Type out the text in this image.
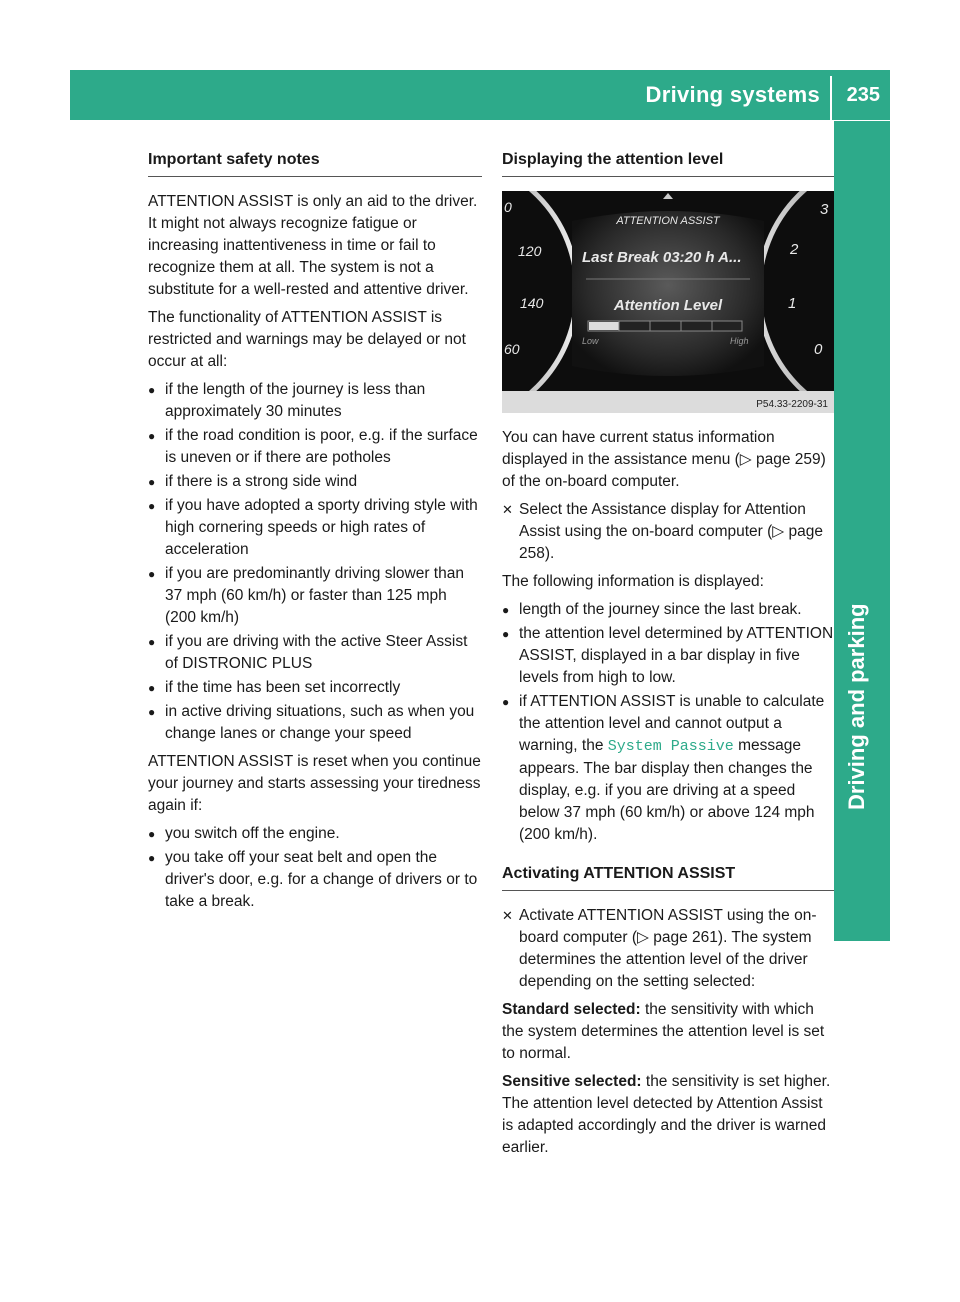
Driving systems 235
Driving and parking
Important safety notes

ATTENTION ASSIST is only an aid to the driver. It might not always recognize fatigue or increasing inattentiveness in time or fail to recognize them at all. The system is not a substitute for a well-rested and attentive driver.

The functionality of ATTENTION ASSIST is restricted and warnings may be delayed or not occur at all:

● if the length of the journey is less than approximately 30 minutes
● if the road condition is poor, e.g. if the surface is uneven or if there are potholes
● if there is a strong side wind
● if you have adopted a sporty driving style with high cornering speeds or high rates of acceleration
● if you are predominantly driving slower than 37 mph (60 km/h) or faster than 125 mph (200 km/h)
● if you are driving with the active Steer Assist of DISTRONIC PLUS
● if the time has been set incorrectly
● in active driving situations, such as when you change lanes or change your speed

ATTENTION ASSIST is reset when you continue your journey and starts assessing your tiredness again if:

● you switch off the engine.
● you take off your seat belt and open the driver's door, e.g. for a change of drivers or to take a break.
Displaying the attention level
ATTENTION ASSIST
Last Break 03:20 h A...
Attention Level
Low	High
0
120
140
60
3
2
1
0
P54.33-2209-31

You can have current status information displayed in the assistance menu (▷ page 259) of the on-board computer.

✕ Select the Assistance display for Attention Assist using the on-board computer (▷ page 258).

The following information is displayed:

● length of the journey since the last break.
● the attention level determined by ATTENTION ASSIST, displayed in a bar display in five levels from high to low.
● if ATTENTION ASSIST is unable to calculate the attention level and cannot output a warning, the System Passive message appears. The bar display then changes the display, e.g. if you are driving at a speed below 37 mph (60 km/h) or above 124 mph (200 km/h).
Activating ATTENTION ASSIST
✕ Activate ATTENTION ASSIST using the on-board computer (▷ page 261). The system determines the attention level of the driver depending on the setting selected:

Standard selected: the sensitivity with which the system determines the attention level is set to normal.

Sensitive selected: the sensitivity is set higher. The attention level detected by Attention Assist is adapted accordingly and the driver is warned earlier.
